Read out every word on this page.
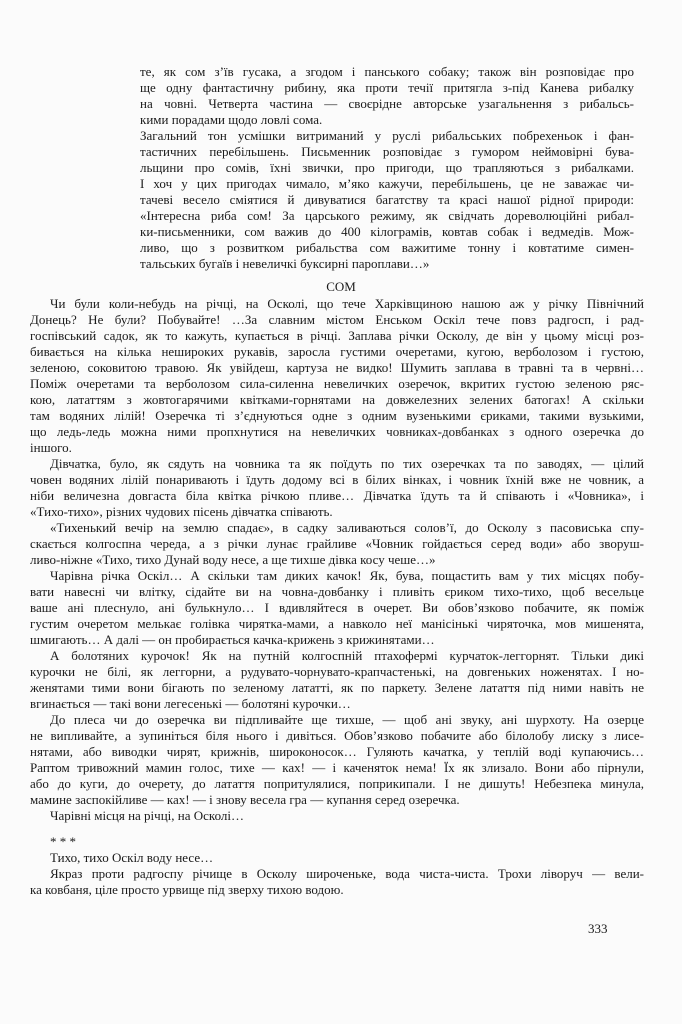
те, як сом з’їв гусака, а згодом і панського собаку; також він розповідає про
ще одну фантастичну рибину, яка проти течії притягла з-під Канева рибалку
на човні. Четверта частина — своєрідне авторське узагальнення з рибальсь-
кими порадами щодо ловлі сома.
Загальний тон усмішки витриманий у руслі рибальських побрехеньок і фан-
тастичних перебільшень. Письменник розповідає з гумором неймовірні бува-
льщини про сомів, їхні звички, про пригоди, що трапляються з рибалками.
І хоч у цих пригодах чимало, м’яко кажучи, перебільшень, це не заважає чи-
тачеві весело сміятися й дивуватися багатству та красі нашої рідної природи:
«Інтересна риба сом! За царського режиму, як свідчать дореволюційні рибал-
ки-письменники, сом важив до 400 кілограмів, ковтав собак і ведмедів. Мож-
ливо, що з розвитком рибальства сом важитиме тонну і ковтатиме симен-
тальських бугаїв і невеличкі буксирні пароплави…»
СОМ
Чи були коли-небудь на річці, на Осколі, що тече Харківщиною нашою аж у річку Північний
Донець? Не були? Побувайте! …За славним містом Енськом Оскіл тече повз радгосп, і рад-
госпівський садок, як то кажуть, купається в річці. Заплава річки Осколу, де він у цьому місці роз-
бивається на кілька неширoких рукавів, заросла густими очеретами, кугою, верболозом і густою,
зеленою, соковитою травою. Як увійдеш, картуза не видко! Шумить заплава в травні та в червні…
Поміж очеретами та верболозом сила-силенна невеличких озеречок, вкритих густою зеленою ряс-
кою, лататтям з жовтогарячими квітками-горнятами на довжелезних зелених батогах! А скільки
там водяних лілій! Озеречка ті з’єднуються одне з одним вузенькими єриками, такими вузькими,
що ледь-ледь можна ними пропхнутися на невеличких човниках-довбанках з одного озеречка до
іншого.
Дівчатка, було, як сядуть на човника та як поїдуть по тих озеречках та по заводях, — цілий
човен водяних лілій понаривають і їдуть додому всі в білих вінках, і човник їхній вже не човник, а
ніби величезна довгаста біла квітка річкою пливе… Дівчатка їдуть та й співають і «Човника», і
«Тихо-тихо», різних чудових пісень дівчатка співають.
«Тихенький вечір на землю спадає», в садку заливаються солов’ї, до Осколу з пасовиська спу-
скається колгоспна череда, а з річки лунає грайливе «Човник гойдається серед води» або зворуш-
ливо-ніжне «Тихо, тихо Дунай воду несе, а ще тихше дівка косу чеше…»
Чарівна річка Оскіл… А скільки там диких качок! Як, бува, пощастить вам у тих місцях побу-
вати навесні чи влітку, сідайте ви на човна-довбанку і пливіть єриком тихо-тихо, щоб весельце
ваше ані плеснуло, ані булькнуло… І вдивляйтеся в очерет. Ви обов’язково побачите, як поміж
густим очеретом мелькає голівка чирятка-мами, а навколо неї манісінькі чиряточка, мов мишенята,
шмигають… А далі — он пробирається качка-крижень з крижинятами…
А болотяних курочок! Як на путній колгоспній птахофермі курчаток-леггорнят. Тільки дикі
курочки не білі, як леггорни, а рудувато-чорнувато-крапчастенькі, на довгеньких ноженятах. І но-
женятами тими вони бігають по зеленому лататтi, як по паркету. Зелене латаття під ними навіть не
вгинається — такі вони легесенькі — болотяні курочки…
До плеса чи до озеречка ви підпливайте ще тихше, — щоб ані звуку, ані шурхоту. На озерце
не випливайте, а зупиніться біля нього і дивіться. Обов’язково побачите або білолобу лиску з лисе-
нятами, або виводки чирят, крижнів, широконосок… Гуляють качатка, у теплій воді купаючись…
Раптом тривожний мамин голос, тихе — ках! — і каченяток нема! Їх як злизало. Вони або пірнули,
або до куги, до очерету, до латаття попритулялися, поприкипали. І не дишуть! Небезпека минула,
мамине заспокійливе — ках! — і знову весела гра — купання серед озеречка.
Чарівні місця на річці, на Осколі…
* * *
Тихо, тихо Оскіл воду несе…
Якраз проти радгоспу річище в Осколу широченьке, вода чиста-чиста. Трохи ліворуч — вели-
ка ковбаня, ціле просто урвище під зверху тихою водою.
333
